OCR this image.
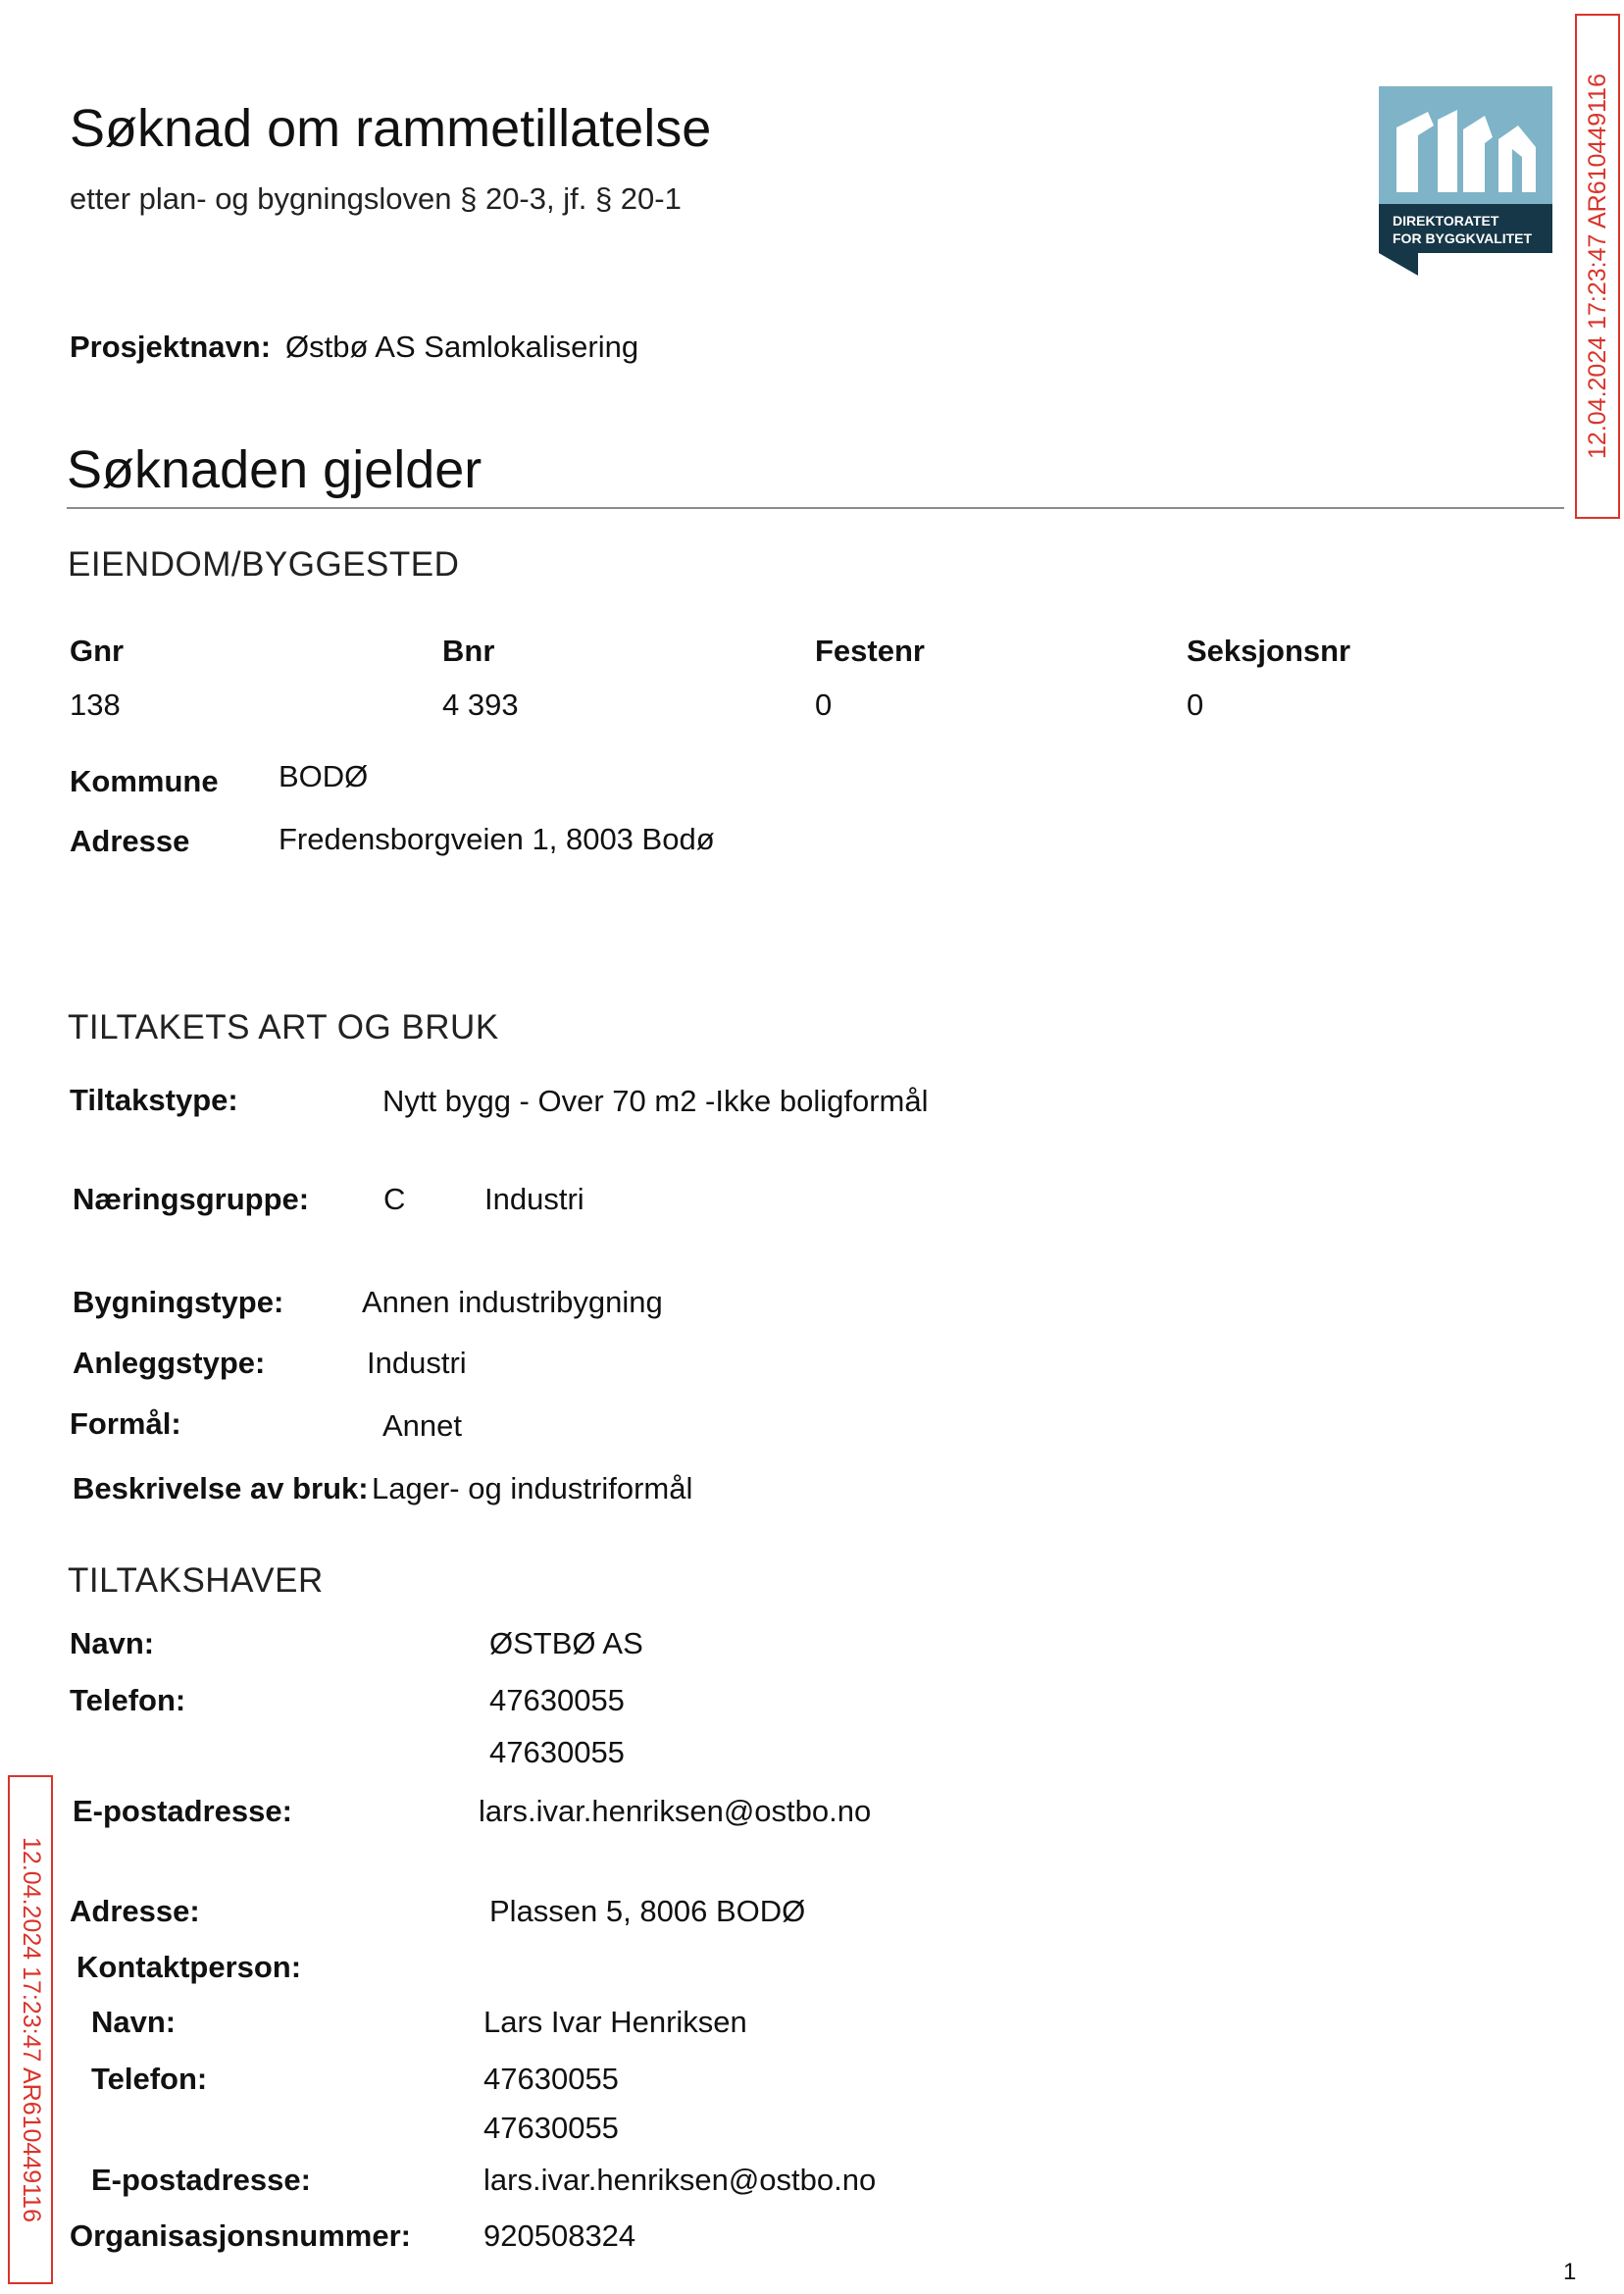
Søknad om rammetillatelse
etter plan- og bygningsloven § 20-3, jf. § 20-1
DIREKTORATET
FOR BYGGKVALITET 12.04.2024 17:23:47 AR610449116
12.04.2024 17:23:47 AR610449116
Prosjektnavn: Østbø AS Samlokalisering
Søknaden gjelder
EIENDOM/BYGGESTED
Gnr	Bnr	Festenr	Seksjonsnr
138	4 393	0	0
Kommune BODØ
Adresse	Fredensborgveien 1, 8003 Bodø
TILTAKETS ART OG BRUK
Tiltakstype:	Nytt bygg - Over 70 m2 -Ikke boligformål
Næringsgruppe: C	Industri
Bygningstype:	Annen industribygning
Anleggstype:	Industri
Formål:	Annet
Beskrivelse av bruk: Lager- og industriformål
TILTAKSHAVER
Navn:	ØSTBØ AS
Telefon:	47630055
47630055
E-postadresse:	lars.ivar.henriksen@ostbo.no
Adresse:	Plassen 5, 8006 BODØ
Kontaktperson:
Navn:	Lars Ivar Henriksen
Telefon:	47630055
47630055
E-postadresse:	lars.ivar.henriksen@ostbo.no
Organisasjonsnummer: 920508324
1
